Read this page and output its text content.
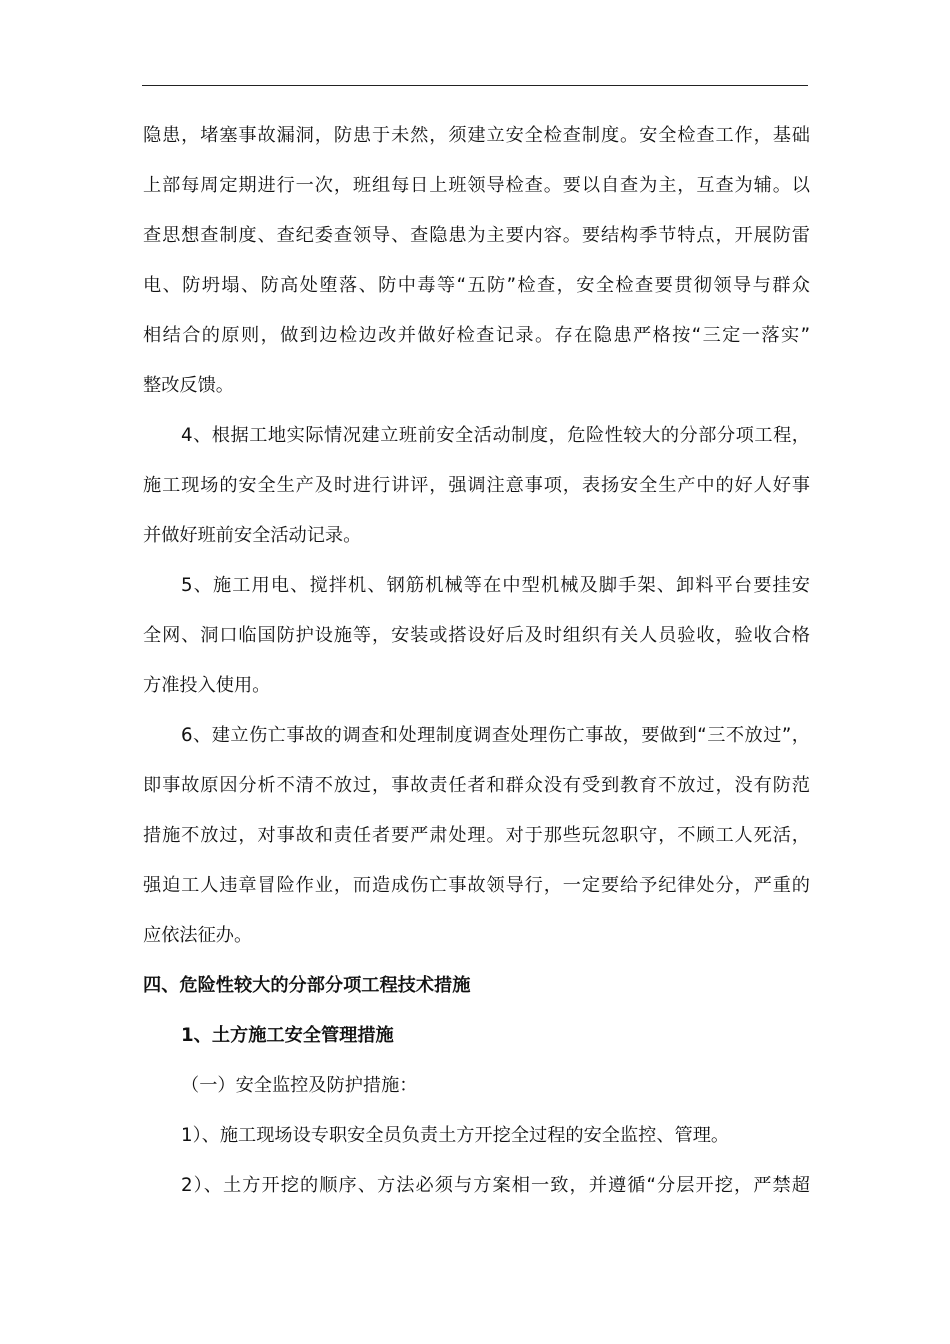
隐患，堵塞事故漏洞，防患于未然，须建立安全检查制度。安全检查工作，基础
上部每周定期进行一次，班组每日上班领导检查。要以自查为主，互查为辅。以
查思想查制度、查纪委查领导、查隐患为主要内容。要结构季节特点，开展防雷
电、防坍塌、防高处堕落、防中毒等“五防”检查，安全检查要贯彻领导与群众
相结合的原则，做到边检边改并做好检查记录。存在隐患严格按“三定一落实”
整改反馈。
4、根据工地实际情况建立班前安全活动制度，危险性较大的分部分项工程，
施工现场的安全生产及时进行讲评，强调注意事项，表扬安全生产中的好人好事
并做好班前安全活动记录。
5、施工用电、搅拌机、钢筋机械等在中型机械及脚手架、卸料平台要挂安
全网、洞口临国防护设施等，安装或搭设好后及时组织有关人员验收，验收合格
方准投入使用。
6、建立伤亡事故的调查和处理制度调查处理伤亡事故，要做到“三不放过”，
即事故原因分析不清不放过，事故责任者和群众没有受到教育不放过，没有防范
措施不放过，对事故和责任者要严肃处理。对于那些玩忽职守，不顾工人死活，
强迫工人违章冒险作业，而造成伤亡事故领导行，一定要给予纪律处分，严重的
应依法征办。
四、危险性较大的分部分项工程技术措施
1、土方施工安全管理措施
（一）安全监控及防护措施：
1）、施工现场设专职安全员负责土方开挖全过程的安全监控、管理。
2）、土方开挖的顺序、方法必须与方案相一致，并遵循“分层开挖，严禁超
